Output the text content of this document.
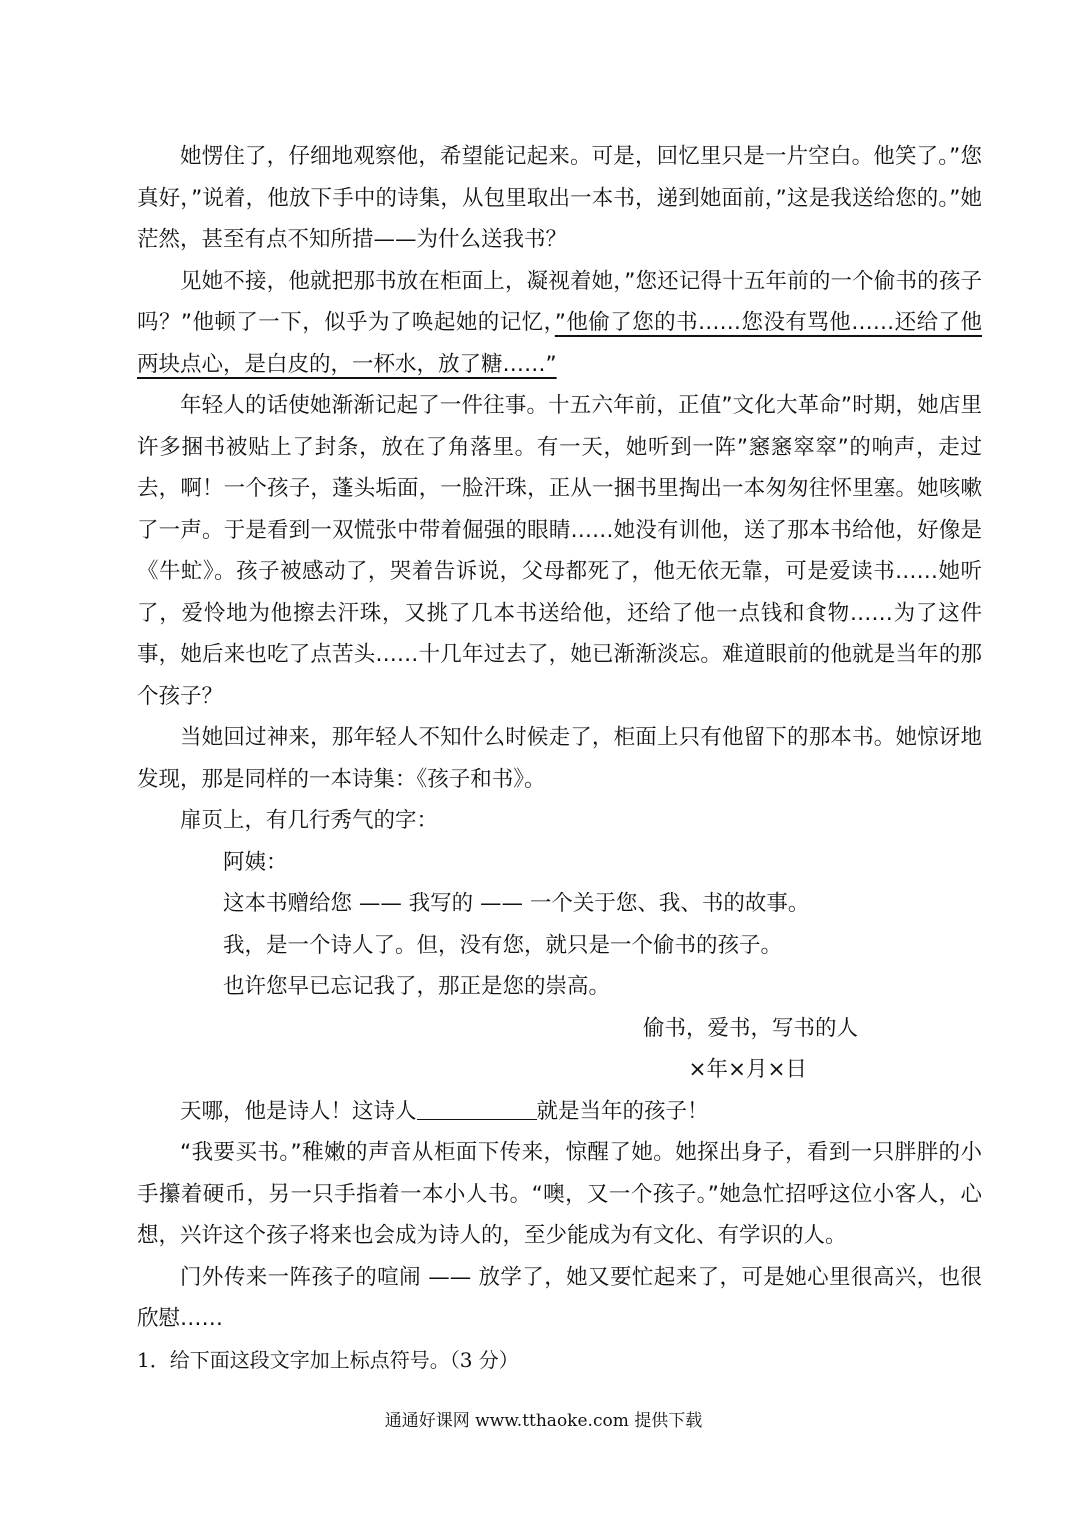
她愣住了，仔细地观察他，希望能记起来。可是，回忆里只是一片空白。他笑了。”您真好，”说着，他放下手中的诗集，从包里取出一本书，递到她面前，”这是我送给您的。”她茫然，甚至有点不知所措——为什么送我书？

见她不接，他就把那书放在柜面上，凝视着她，”您还记得十五年前的一个偷书的孩子吗？”他顿了一下，似乎为了唤起她的记忆，”他偷了您的书……您没有骂他……还给了他两块点心，是白皮的，一杯水，放了糖……”

年轻人的话使她渐渐记起了一件往事。十五六年前，正值”文化大革命”时期，她店里许多捆书被贴上了封条，放在了角落里。有一天，她听到一阵”窸窸窣窣”的响声，走过去，啊！一个孩子，蓬头垢面，一脸汗珠，正从一捆书里掏出一本匆匆往怀里塞。她咳嗽了一声。于是看到一双慌张中带着倔强的眼睛……她没有训他，送了那本书给他，好像是《牛虻》。孩子被感动了，哭着告诉说，父母都死了，他无依无靠，可是爱读书……她听了，爱怜地为他擦去汗珠，又挑了几本书送给他，还给了他一点钱和食物……为了这件事，她后来也吃了点苦头……十几年过去了，她已渐渐淡忘。难道眼前的他就是当年的那个孩子？

当她回过神来，那年轻人不知什么时候走了，柜面上只有他留下的那本书。她惊讶地发现，那是同样的一本诗集：《孩子和书》。

扉页上，有几行秀气的字：

阿姨：

这本书赠给您 —— 我写的 —— 一个关于您、我、书的故事。

我，是一个诗人了。但，没有您，就只是一个偷书的孩子。

也许您早已忘记我了，那正是您的崇高。

偷书，爱书，写书的人

×年×月×日

天哪，他是诗人！这诗人	就是当年的孩子！

“我要买书。”稚嫩的声音从柜面下传来，惊醒了她。她探出身子，看到一只胖胖的小手攥着硬币，另一只手指着一本小人书。“噢，又一个孩子。”她急忙招呼这位小客人，心想，兴许这个孩子将来也会成为诗人的，至少能成为有文化、有学识的人。

门外传来一阵孩子的喧闹 —— 放学了，她又要忙起来了，可是她心里很高兴，也很欣慰……

1．给下面这段文字加上标点符号。（3 分）

通通好课网 www.tthaoke.com 提供下载
